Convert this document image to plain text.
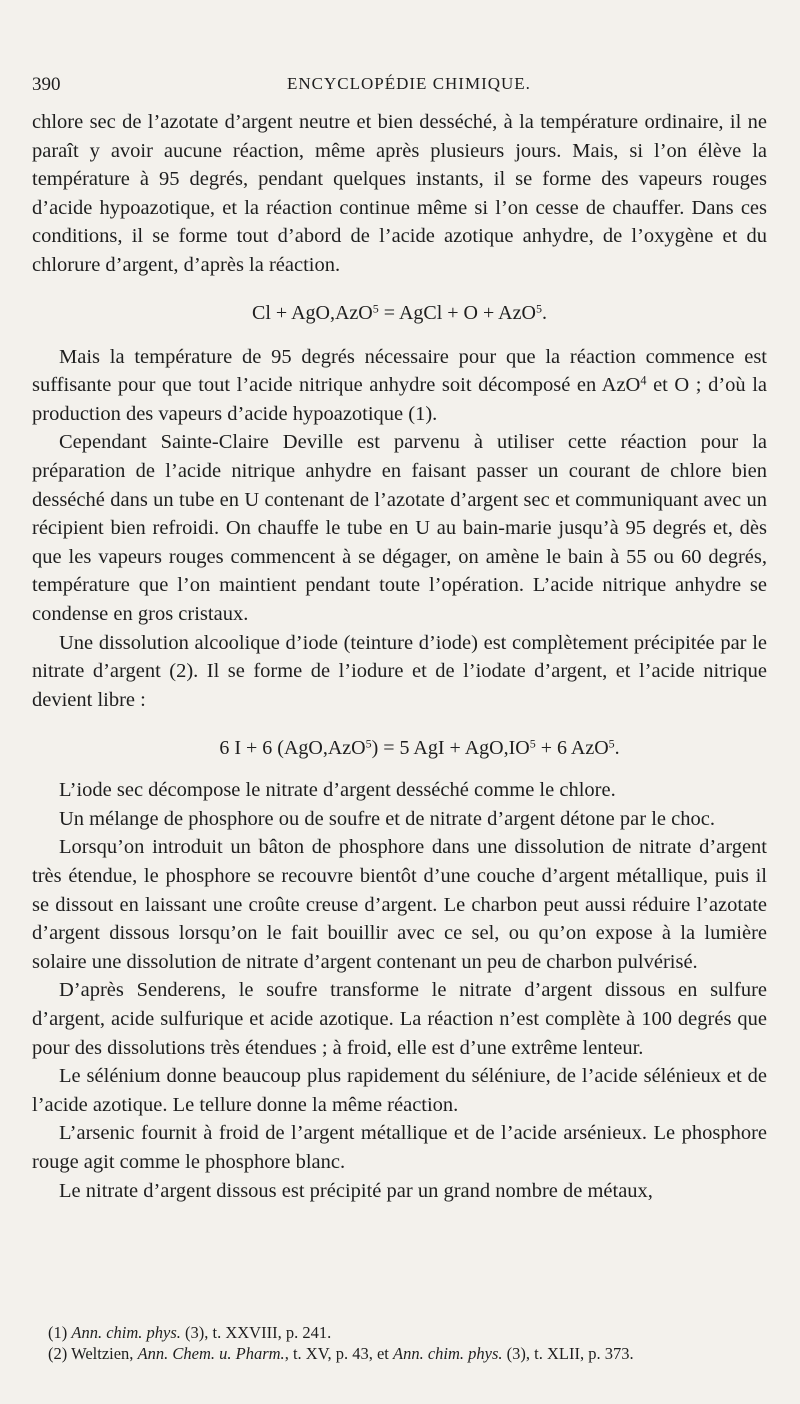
390	ENCYCLOPÉDIE CHIMIQUE.

chlore sec de l’azotate d’argent neutre et bien desséché, à la température ordinaire, il ne paraît y avoir aucune réaction, même après plusieurs jours. Mais, si l’on élève la température à 95 degrés, pendant quelques instants, il se forme des vapeurs rouges d’acide hypoazotique, et la réaction continue même si l’on cesse de chauffer. Dans ces conditions, il se forme tout d’abord de l’acide azotique anhydre, de l’oxygène et du chlorure d’argent, d’après la réaction.

Cl + AgO,AzO$^5$ = AgCl + O + AzO$^5$.

Mais la température de 95 degrés nécessaire pour que la réaction commence est suffisante pour que tout l’acide nitrique anhydre soit décomposé en AzO$^4$ et O ; d’où la production des vapeurs d’acide hypoazotique (1).

Cependant Sainte-Claire Deville est parvenu à utiliser cette réaction pour la préparation de l’acide nitrique anhydre en faisant passer un courant de chlore bien desséché dans un tube en U contenant de l’azotate d’argent sec et communiquant avec un récipient bien refroidi. On chauffe le tube en U au bain-marie jusqu’à 95 degrés et, dès que les vapeurs rouges commencent à se dégager, on amène le bain à 55 ou 60 degrés, température que l’on maintient pendant toute l’opération. L’acide nitrique anhydre se condense en gros cristaux.

Une dissolution alcoolique d’iode (teinture d’iode) est complètement précipitée par le nitrate d’argent (2). Il se forme de l’iodure et de l’iodate d’argent, et l’acide nitrique devient libre :

6 I + 6 (AgO,AzO$^5$) = 5 AgI + $AgO,IO^5 + 6$ AzO$^5$.

L’iode sec décompose le nitrate d’argent desséché comme le chlore.

Un mélange de phosphore ou de soufre et de nitrate d’argent détone par le choc.

Lorsqu’on introduit un bâton de phosphore dans une dissolution de nitrate d’argent très étendue, le phosphore se recouvre bientôt d’une couche d’argent métallique, puis il se dissout en laissant une croûte creuse d’argent. Le charbon peut aussi réduire l’azotate d’argent dissous lorsqu’on le fait bouillir avec ce sel, ou qu’on expose à la lumière solaire une dissolution de nitrate d’argent contenant un peu de charbon pulvérisé.

D’après Senderens, le soufre transforme le nitrate d’argent dissous en sulfure d’argent, acide sulfurique et acide azotique. La réaction n’est complète à 100 degrés que pour des dissolutions très étendues ; à froid, elle est d’une extrême lenteur.

Le sélénium donne beaucoup plus rapidement du séléniure, de l’acide sélénieux et de l’acide azotique. Le tellure donne la même réaction.

L’arsenic fournit à froid de l’argent métallique et de l’acide arsénieux. Le phosphore rouge agit comme le phosphore blanc.

Le nitrate d’argent dissous est précipité par un grand nombre de métaux,

(1) Ann. chim. phys. (3), t. XXVIII, p. 241.

(2) Weltzien, Ann. Chem. u. Pharm., t. XV, p. 43, et Ann. chim. phys. (3), t. XLII, p. 373.
